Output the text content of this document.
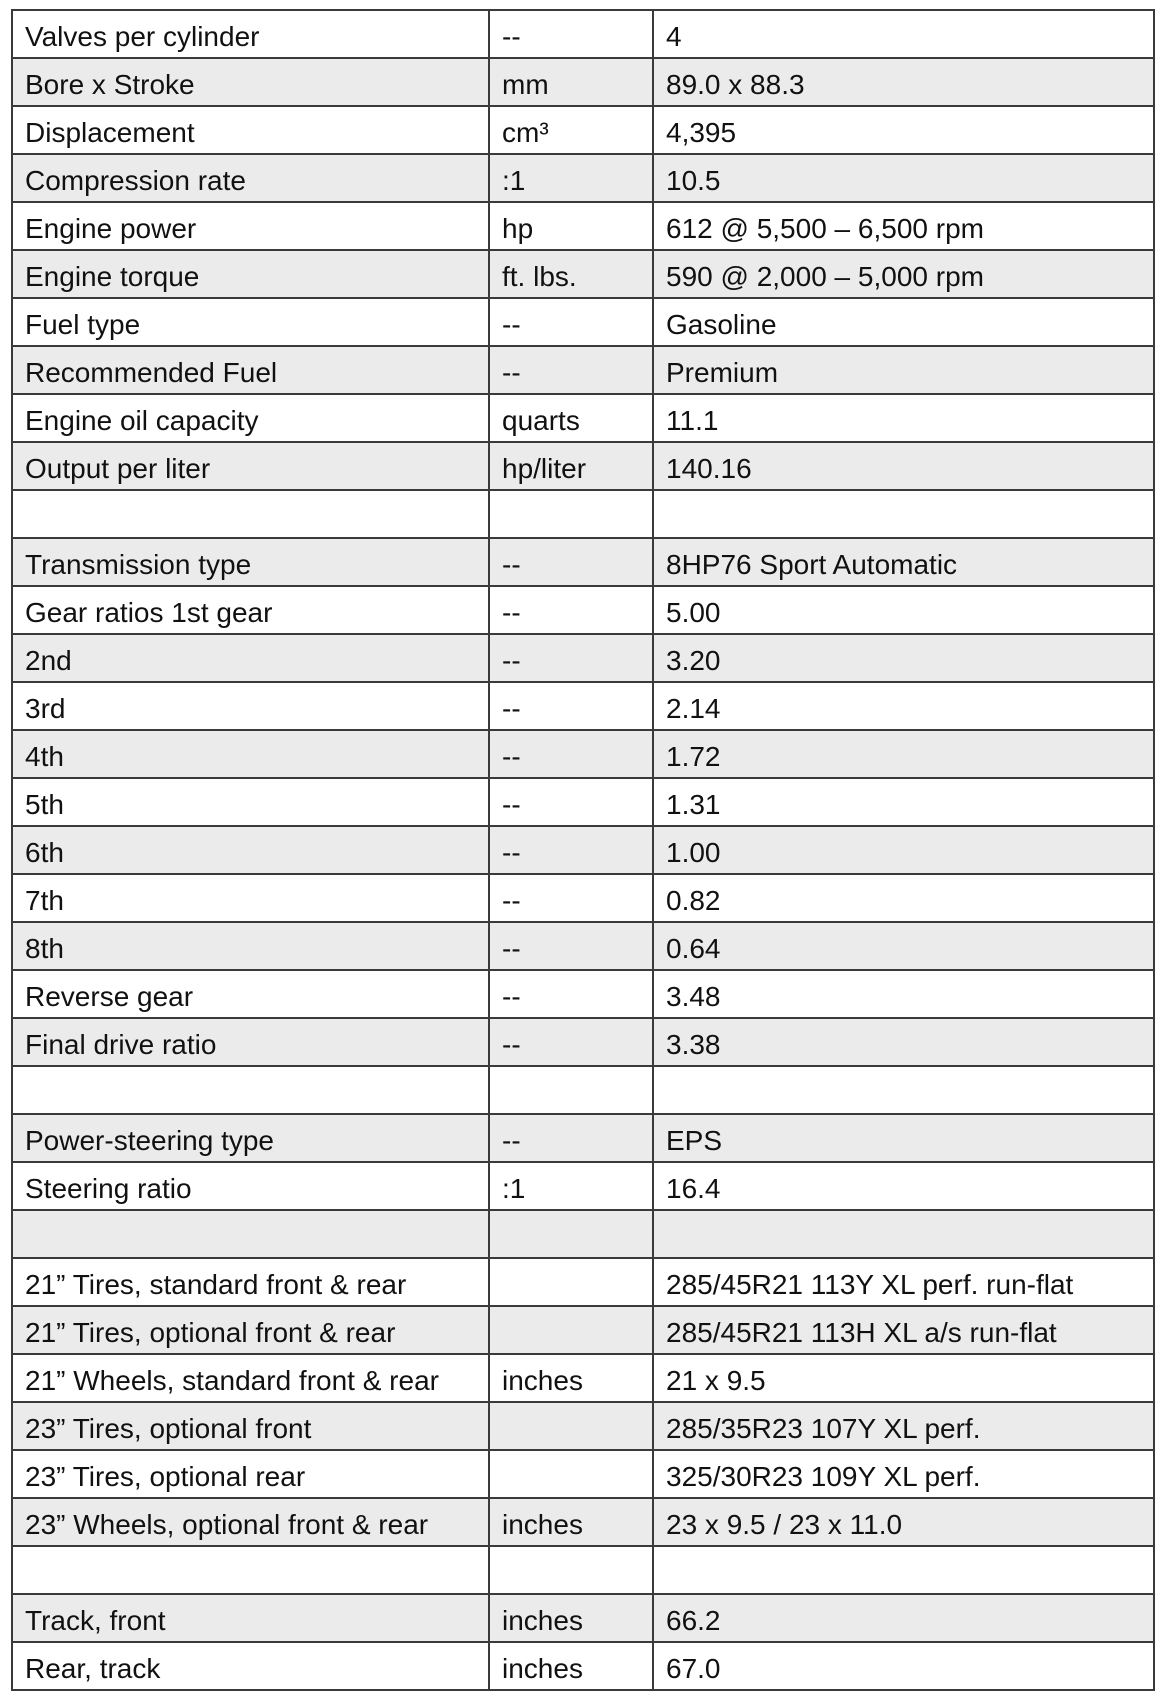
Valves per cylinder	--	4
Bore x Stroke	mm	89.0 x 88.3
Displacement	cm³	4,395
Compression rate	:1	10.5
Engine power	hp	612 @ 5,500 – 6,500 rpm
Engine torque	ft. lbs.	590 @ 2,000 – 5,000 rpm
Fuel type	--	Gasoline
Recommended Fuel	--	Premium
Engine oil capacity	quarts	11.1
Output per liter	hp/liter	140.16

Transmission type	--	8HP76 Sport Automatic
Gear ratios 1st gear	--	5.00
2nd	--	3.20
3rd	--	2.14
4th	--	1.72
5th	--	1.31
6th	--	1.00
7th	--	0.82
8th	--	0.64
Reverse gear	--	3.48
Final drive ratio	--	3.38

Power-steering type	--	EPS
Steering ratio	:1	16.4

21” Tires, standard front & rear		285/45R21 113Y XL perf. run-flat
21” Tires, optional front & rear		285/45R21 113H XL a/s run-flat
21” Wheels, standard front & rear	inches	21 x 9.5
23” Tires, optional front		285/35R23 107Y XL perf.
23” Tires, optional rear		325/30R23 109Y XL perf.
23” Wheels, optional front & rear	inches	23 x 9.5 / 23 x 11.0

Track, front	inches	66.2
Rear, track	inches	67.0
